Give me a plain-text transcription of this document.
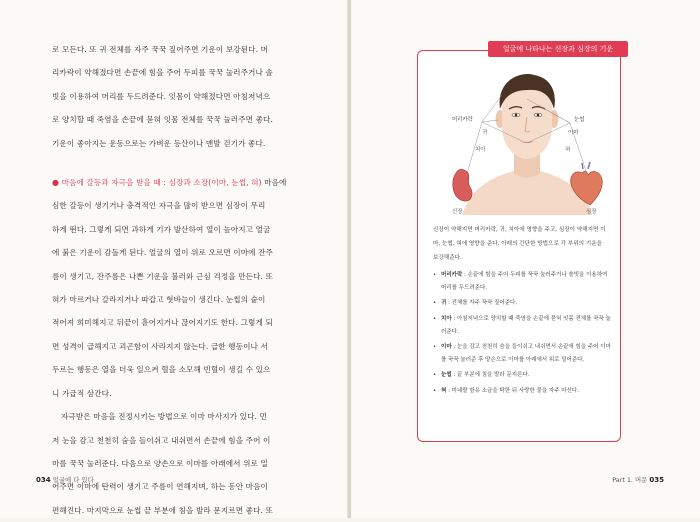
로 모든다. 또 귀 전체를 자주 꾹꾹 짚어주면 기운이 보강된다. 머

리카락이 약해졌다면 손끝에 힘을 주어 두피를 꾹꾹 눌러주거나 솔

빗을 이용하여 머리를 두드려준다. 잇몸이 약해졌다면 아침저녁으

로 양치할 때 죽염을 손끝에 묻혀 잇몸 전체를 꾹꾹 눌러주면 좋다.

기운이 좋아지는 운동으로는 가벼운 등산이나 맨발 걷기가 좋다.

● 마음에 갈등과 자극을 받을 때 : 심장과 소장(이마, 눈썹, 혀) 마음에

심한 갈등이 생기거나 충격적인 자극을 많이 받으면 심장이 무리

하게 뛴다. 그렇게 되면 과하게 기가 발산하여 열이 높아지고 얼굴

에 붉은 기운이 감돌게 된다. 얼굴의 열이 위로 오르면 이마에 잔주

름이 생기고, 잔주름은 나쁜 기운을 불러와 근심 걱정을 만든다. 또

혀가 마르거나 갈라지거나 따갑고 혓바늘이 생긴다. 눈썹의 숱이

적어져 희미해지고 뒤끝이 흩어지거나 끊어지기도 한다. 그렇게 되

면 성격이 급해지고 괴곤함이 사라지지 않는다. 급한 행동이나 서

두르는 행동은 열을 더욱 일으켜 혈을 소모해 빈혈이 생길 수 있으

니 가급적 삼간다.

자극받은 마음을 진정시키는 방법으로 이마 마사지가 있다. 먼

저 눈을 감고 천천히 숨을 들이쉬고 내쉬면서 손끝에 힘을 주어 이

마를 꾹꾹 눌러준다. 다음으로 양손으로 이마를 아래에서 위로 밀

어주면 이마에 탄력이 생기고 주름이 연해지며, 하는 동안 마음이

편해진다. 마지막으로 눈썹 끝 부분에 침을 발라 문지르면 좋다. 또

034 얼굴에 다 있다
얼굴에 나타나는 신장과 심장의 기운
머리카락
귀
치아
눈썹
이마
혀
신장	심장

신장이 약해지면 머리카락, 귀, 치아에 영향을 주고, 심장이 약해지면 이마, 눈썹, 혀에 영향을 준다. 아래의 간단한 방법으로 각 부위의 기운을 보강해준다.

• 머리카락 : 손끝에 힘을 주어 두피를 꾹꾹 눌러주거나 솔빗을 이용하여 머리를 두드려준다.
• 귀 : 전체를 자주 꾹꾹 짚어준다.
• 치아 : 아침저녁으로 양치할 때 죽염을 손끝에 묻혀 잇몸 전체를 꾹꾹 눌러준다.
• 이마 : 눈을 감고 천천히 숨을 들이쉬고 내쉬면서 손끝에 힘을 주어 이마를 꾹꾹 눌러준 후 양손으로 이마를 아래에서 위로 밀어준다.
• 눈썹 : 끝 부분에 침을 발라 문지른다.
• 혀 : 미네랄 함유 소금을 탁한 뒤 사랑한 물을 자주 마신다.
Part 1. 머문 035
